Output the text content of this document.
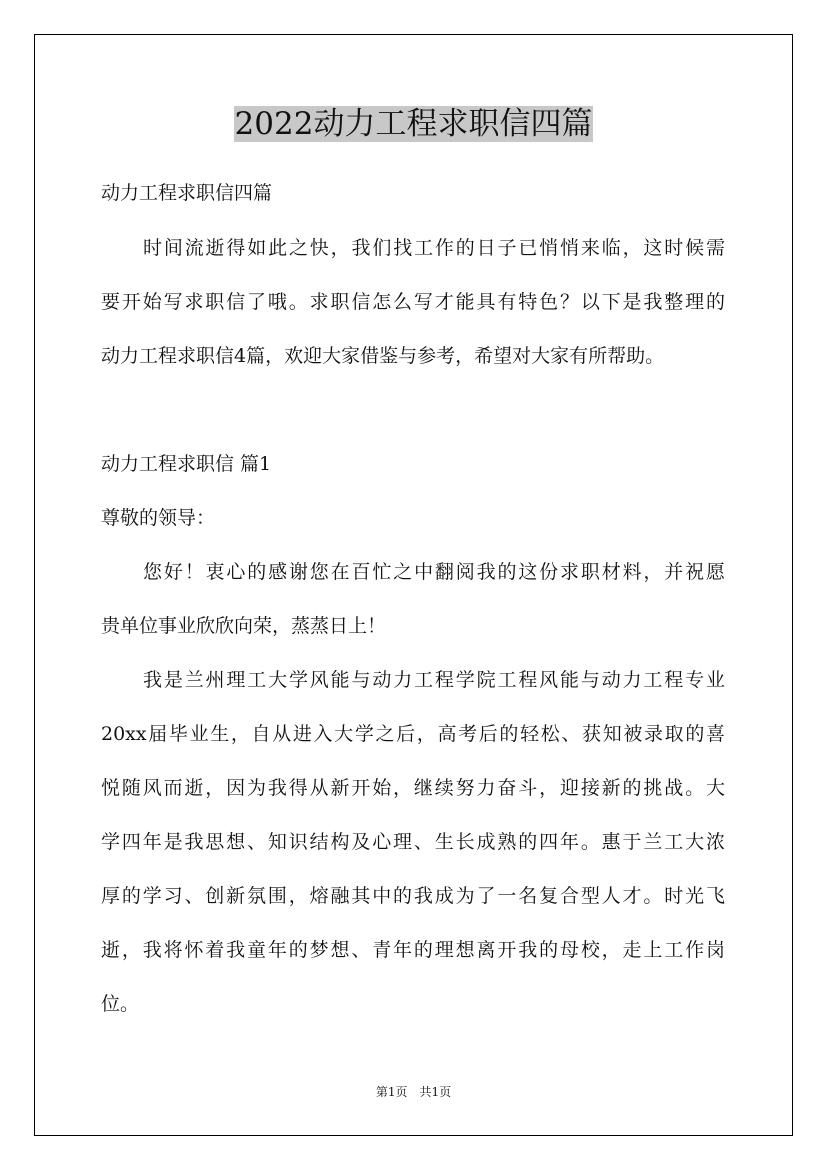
2022动力工程求职信四篇

动力工程求职信四篇

时间流逝得如此之快，我们找工作的日子已悄悄来临，这时候需

要开始写求职信了哦。求职信怎么写才能具有特色？以下是我整理的

动力工程求职信4篇，欢迎大家借鉴与参考，希望对大家有所帮助。

动力工程求职信 篇1

尊敬的领导：

您好！衷心的感谢您在百忙之中翻阅我的这份求职材料，并祝愿

贵单位事业欣欣向荣，蒸蒸日上！

我是兰州理工大学风能与动力工程学院工程风能与动力工程专业

20xx届毕业生，自从进入大学之后，高考后的轻松、获知被录取的喜

悦随风而逝，因为我得从新开始，继续努力奋斗，迎接新的挑战。大

学四年是我思想、知识结构及心理、生长成熟的四年。惠于兰工大浓

厚的学习、创新氛围，熔融其中的我成为了一名复合型人才。时光飞

逝，我将怀着我童年的梦想、青年的理想离开我的母校，走上工作岗

位。

第1页　共1页
